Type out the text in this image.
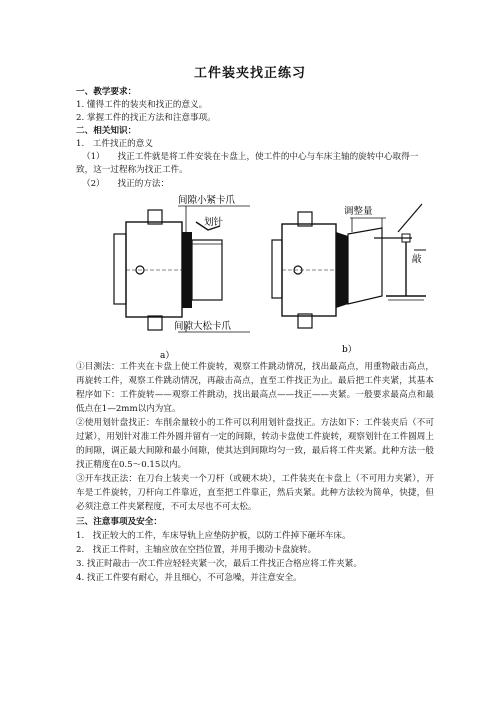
工件装夹找正练习
一、教学要求：
1. 懂得工件的装夹和找正的意义。
2. 掌握工件的找正方法和注意事项。
二、相关知识：
1.　工件找正的意义
（1）　　找正工件就是将工件安装在卡盘上，使工件的中心与车床主轴的旋转中心取得一
致，这一过程称为找正工件。
（2）　　找正的方法：
间隙小紧卡爪
划针
间隙大松卡爪
a）
调整量
敲
b）
①目测法：工件夹在卡盘上使工件旋转，观察工件跳动情况，找出最高点，用重物敲击高点，再旋转工件，观察工件跳动情况，再敲击高点，直至工件找正为止。最后把工件夹紧，其基本程序如下：工件旋转——观察工件跳动，找出最高点——找正——夹紧。一般要求最高点和最低点在1—2mm以内为宜。
②使用划针盘找正：车削余量较小的工件可以利用划针盘找正。方法如下：工件装夹后（不可过紧），用划针对准工件外圆并留有一定的间隙，转动卡盘使工件旋转，观察划针在工件圆周上的间隙，调正最大间隙和最小间隙，使其达到间隙均匀一致，最后将工件夹紧。此种方法一般找正精度在0.5～0.15以内。
③开车找正法：在刀台上装夹一个刀杆（或硬木块），工件装夹在卡盘上（不可用力夹紧），开车是工件旋转，刀杆向工件靠近，直至把工件靠正，然后夹紧。此种方法较为简单，快捷，但必须注意工件夹紧程度，不可太尽也不可太松。
三、注意事项及安全：
1.　找正较大的工件，车床导轨上应垫防护板，以防工件掉下砸坏车床。
2.　找正工件时，主轴应放在空挡位置，并用手搬动卡盘旋转。
3. 找正时敲击一次工件应轻轻夹紧一次，最后工件找正合格应将工件夹紧。
4. 找正工件要有耐心，并且细心，不可急噪，并注意安全。
